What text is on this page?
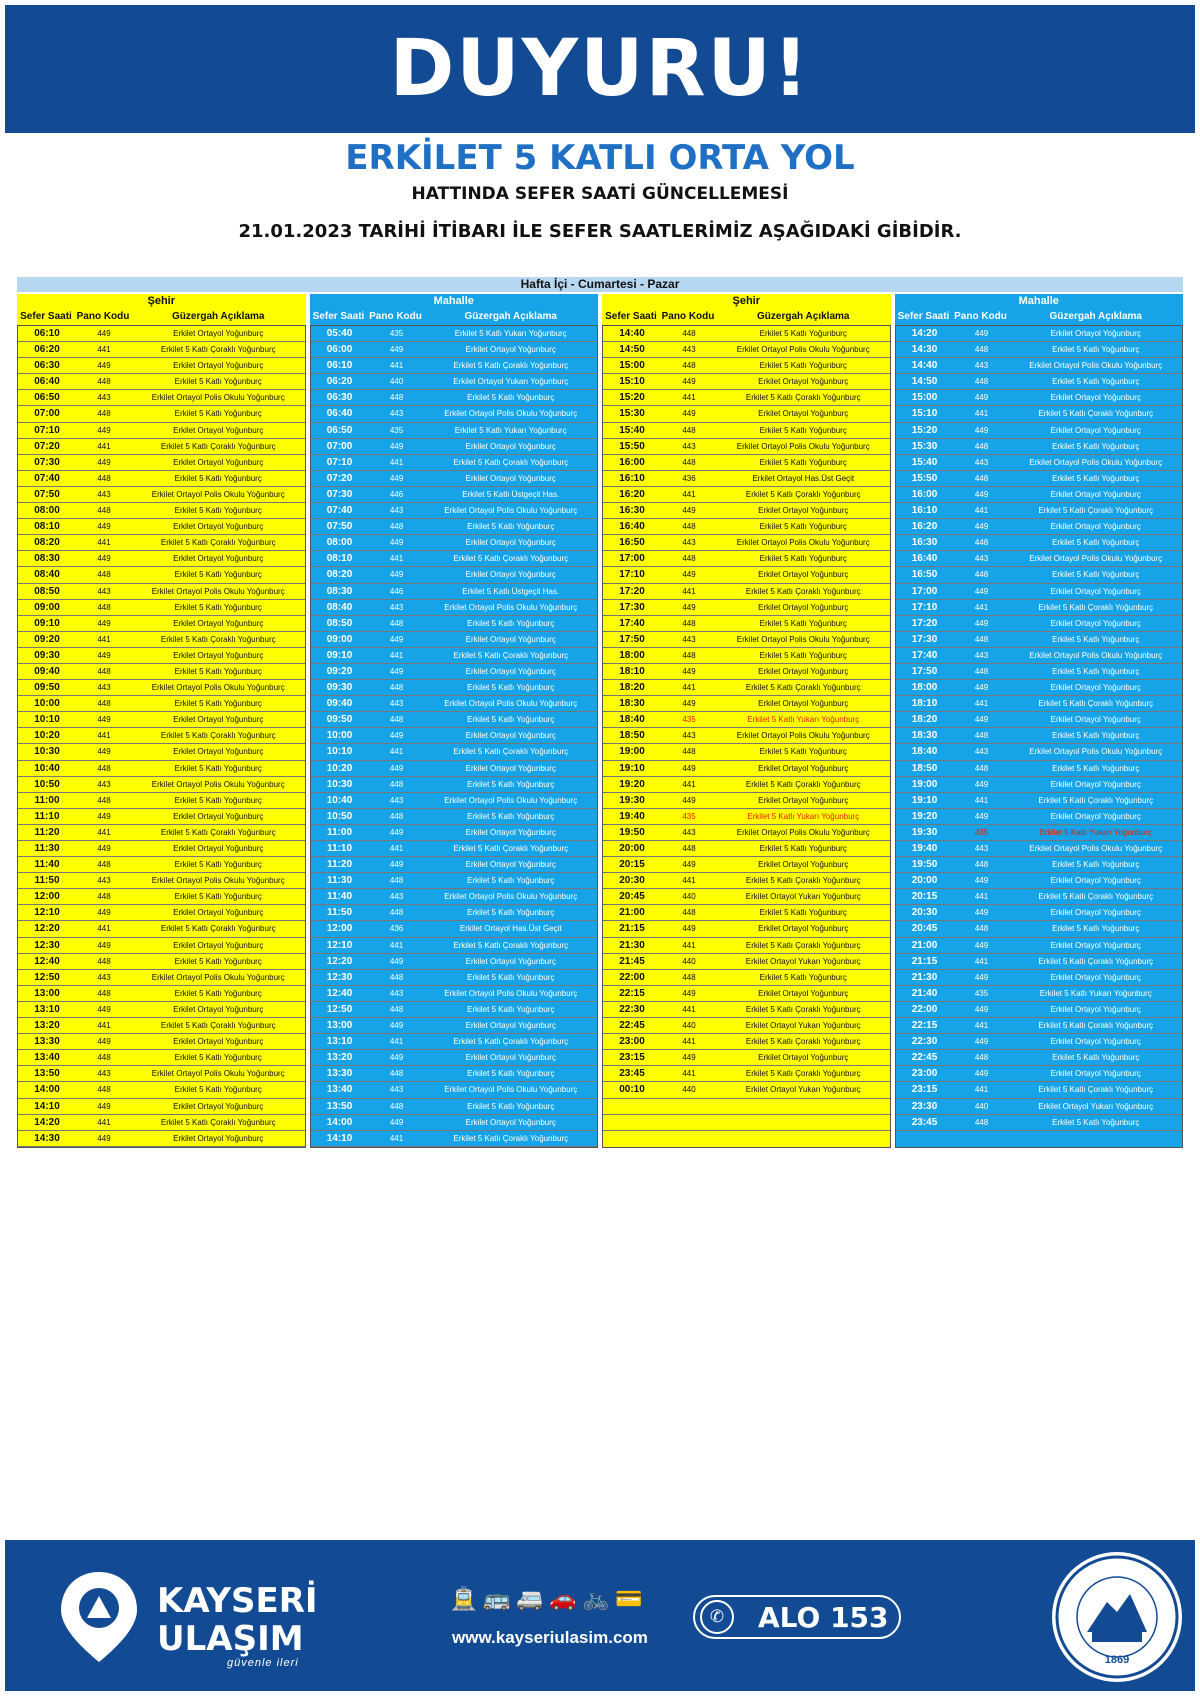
DUYURU!
ERKİLET 5 KATLI ORTA YOL
HATTINDA SEFER SAATİ GÜNCELLEMESİ
21.01.2023 TARİHİ İTİBARI İLE SEFER SAATLERİMİZ AŞAĞIDAKİ GİBİDİR.
Hafta İçi - Cumartesi - Pazar
Şehir
Sefer Saati Pano Kodu	Güzergah Açıklama
06:10	449	Erkilet Ortayol Yoğunburç
06:20	441	Erkilet 5 Katlı Çoraklı Yoğunburç
06:30	449	Erkilet Ortayol Yoğunburç
06:40	448	Erkilet 5 Katlı Yoğunburç
06:50	443	Erkilet Ortayol Polis Okulu Yoğunburç
07:00	448	Erkilet 5 Katlı Yoğunburç
07:10	449	Erkilet Ortayol Yoğunburç
07:20	441	Erkilet 5 Katlı Çoraklı Yoğunburç
07:30	449	Erkilet Ortayol Yoğunburç
07:40	448	Erkilet 5 Katlı Yoğunburç
07:50	443	Erkilet Ortayol Polis Okulu Yoğunburç
08:00	448	Erkilet 5 Katlı Yoğunburç
08:10	449	Erkilet Ortayol Yoğunburç
08:20	441	Erkilet 5 Katlı Çoraklı Yoğunburç
08:30	449	Erkilet Ortayol Yoğunburç
08:40	448	Erkilet 5 Katlı Yoğunburç
08:50	443	Erkilet Ortayol Polis Okulu Yoğunburç
09:00	448	Erkilet 5 Katlı Yoğunburç
09:10	449	Erkilet Ortayol Yoğunburç
09:20	441	Erkilet 5 Katlı Çoraklı Yoğunburç
09:30	449	Erkilet Ortayol Yoğunburç
09:40	448	Erkilet 5 Katlı Yoğunburç
09:50	443	Erkilet Ortayol Polis Okulu Yoğunburç
10:00	448	Erkilet 5 Katlı Yoğunburç
10:10	449	Erkilet Ortayol Yoğunburç
10:20	441	Erkilet 5 Katlı Çoraklı Yoğunburç
10:30	449	Erkilet Ortayol Yoğunburç
10:40	448	Erkilet 5 Katlı Yoğunburç
10:50	443	Erkilet Ortayol Polis Okulu Yoğunburç
11:00	448	Erkilet 5 Katlı Yoğunburç
11:10	449	Erkilet Ortayol Yoğunburç
11:20	441	Erkilet 5 Katlı Çoraklı Yoğunburç
11:30	449	Erkilet Ortayol Yoğunburç
11:40	448	Erkilet 5 Katlı Yoğunburç
11:50	443	Erkilet Ortayol Polis Okulu Yoğunburç
12:00	448	Erkilet 5 Katlı Yoğunburç
12:10	449	Erkilet Ortayol Yoğunburç
12:20	441	Erkilet 5 Katlı Çoraklı Yoğunburç
12:30	449	Erkilet Ortayol Yoğunburç
12:40	448	Erkilet 5 Katlı Yoğunburç
12:50	443	Erkilet Ortayol Polis Okulu Yoğunburç
13:00	448	Erkilet 5 Katlı Yoğunburç
13:10	449	Erkilet Ortayol Yoğunburç
13:20	441	Erkilet 5 Katlı Çoraklı Yoğunburç
13:30	449	Erkilet Ortayol Yoğunburç
13:40	448	Erkilet 5 Katlı Yoğunburç
13:50	443	Erkilet Ortayol Polis Okulu Yoğunburç
14:00	448	Erkilet 5 Katlı Yoğunburç
14:10	449	Erkilet Ortayol Yoğunburç
14:20	441	Erkilet 5 Katlı Çoraklı Yoğunburç
14:30	449	Erkilet Ortayol Yoğunburç
Mahalle
Sefer Saati Pano Kodu	Güzergah Açıklama
05:40	435	Erkilet 5 Katlı Yukarı Yoğunburç
06:00	449	Erkilet Ortayol Yoğunburç
06:10	441	Erkilet 5 Katlı Çoraklı Yoğunburç
06:20	440	Erkilet Ortayol Yukarı Yoğunburç
06:30	448	Erkilet 5 Katlı Yoğunburç
06:40	443	Erkilet Ortayol Polis Okulu Yoğunburç
06:50	435	Erkilet 5 Katlı Yukarı Yoğunburç
07:00	449	Erkilet Ortayol Yoğunburç
07:10	441	Erkilet 5 Katlı Çoraklı Yoğunburç
07:20	449	Erkilet Ortayol Yoğunburç
07:30	446	Erkilet 5 Katlı Üstgeçit Has.
07:40	443	Erkilet Ortayol Polis Okulu Yoğunburç
07:50	448	Erkilet 5 Katlı Yoğunburç
08:00	449	Erkilet Ortayol Yoğunburç
08:10	441	Erkilet 5 Katlı Çoraklı Yoğunburç
08:20	449	Erkilet Ortayol Yoğunburç
08:30	446	Erkilet 5 Katlı Üstgeçit Has.
08:40	443	Erkilet Ortayol Polis Okulu Yoğunburç
08:50	448	Erkilet 5 Katlı Yoğunburç
09:00	449	Erkilet Ortayol Yoğunburç
09:10	441	Erkilet 5 Katlı Çoraklı Yoğunburç
09:20	449	Erkilet Ortayol Yoğunburç
09:30	448	Erkilet 5 Katlı Yoğunburç
09:40	443	Erkilet Ortayol Polis Okulu Yoğunburç
09:50	448	Erkilet 5 Katlı Yoğunburç
10:00	449	Erkilet Ortayol Yoğunburç
10:10	441	Erkilet 5 Katlı Çoraklı Yoğunburç
10:20	449	Erkilet Ortayol Yoğunburç
10:30	448	Erkilet 5 Katlı Yoğunburç
10:40	443	Erkilet Ortayol Polis Okulu Yoğunburç
10:50	448	Erkilet 5 Katlı Yoğunburç
11:00	449	Erkilet Ortayol Yoğunburç
11:10	441	Erkilet 5 Katlı Çoraklı Yoğunburç
11:20	449	Erkilet Ortayol Yoğunburç
11:30	448	Erkilet 5 Katlı Yoğunburç
11:40	443	Erkilet Ortayol Polis Okulu Yoğunburç
11:50	448	Erkilet 5 Katlı Yoğunburç
12:00	436	Erkilet Ortayol Has.Üst Geçit
12:10	441	Erkilet 5 Katlı Çoraklı Yoğunburç
12:20	449	Erkilet Ortayol Yoğunburç
12:30	448	Erkilet 5 Katlı Yoğunburç
12:40	443	Erkilet Ortayol Polis Okulu Yoğunburç
12:50	448	Erkilet 5 Katlı Yoğunburç
13:00	449	Erkilet Ortayol Yoğunburç
13:10	441	Erkilet 5 Katlı Çoraklı Yoğunburç
13:20	449	Erkilet Ortayol Yoğunburç
13:30	448	Erkilet 5 Katlı Yoğunburç
13:40	443	Erkilet Ortayol Polis Okulu Yoğunburç
13:50	448	Erkilet 5 Katlı Yoğunburç
14:00	449	Erkilet Ortayol Yoğunburç
14:10	441	Erkilet 5 Katlı Çoraklı Yoğunburç
Şehir
Sefer Saati Pano Kodu	Güzergah Açıklama
14:40	448	Erkilet 5 Katlı Yoğunburç
14:50	443	Erkilet Ortayol Polis Okulu Yoğunburç
15:00	448	Erkilet 5 Katlı Yoğunburç
15:10	449	Erkilet Ortayol Yoğunburç
15:20	441	Erkilet 5 Katlı Çoraklı Yoğunburç
15:30	449	Erkilet Ortayol Yoğunburç
15:40	448	Erkilet 5 Katlı Yoğunburç
15:50	443	Erkilet Ortayol Polis Okulu Yoğunburç
16:00	448	Erkilet 5 Katlı Yoğunburç
16:10	436	Erkilet Ortayol Has.Üst Geçit
16:20	441	Erkilet 5 Katlı Çoraklı Yoğunburç
16:30	449	Erkilet Ortayol Yoğunburç
16:40	448	Erkilet 5 Katlı Yoğunburç
16:50	443	Erkilet Ortayol Polis Okulu Yoğunburç
17:00	448	Erkilet 5 Katlı Yoğunburç
17:10	449	Erkilet Ortayol Yoğunburç
17:20	441	Erkilet 5 Katlı Çoraklı Yoğunburç
17:30	449	Erkilet Ortayol Yoğunburç
17:40	448	Erkilet 5 Katlı Yoğunburç
17:50	443	Erkilet Ortayol Polis Okulu Yoğunburç
18:00	448	Erkilet 5 Katlı Yoğunburç
18:10	449	Erkilet Ortayol Yoğunburç
18:20	441	Erkilet 5 Katlı Çoraklı Yoğunburç
18:30	449	Erkilet Ortayol Yoğunburç
18:40	435	Erkilet 5 Katlı Yukarı Yoğunburç
18:50	443	Erkilet Ortayol Polis Okulu Yoğunburç
19:00	448	Erkilet 5 Katlı Yoğunburç
19:10	449	Erkilet Ortayol Yoğunburç
19:20	441	Erkilet 5 Katlı Çoraklı Yoğunburç
19:30	449	Erkilet Ortayol Yoğunburç
19:40	435	Erkilet 5 Katlı Yukarı Yoğunburç
19:50	443	Erkilet Ortayol Polis Okulu Yoğunburç
20:00	448	Erkilet 5 Katlı Yoğunburç
20:15	449	Erkilet Ortayol Yoğunburç
20:30	441	Erkilet 5 Katlı Çoraklı Yoğunburç
20:45	440	Erkilet Ortayol Yukarı Yoğunburç
21:00	448	Erkilet 5 Katlı Yoğunburç
21:15	449	Erkilet Ortayol Yoğunburç
21:30	441	Erkilet 5 Katlı Çoraklı Yoğunburç
21:45	440	Erkilet Ortayol Yukarı Yoğunburç
22:00	448	Erkilet 5 Katlı Yoğunburç
22:15	449	Erkilet Ortayol Yoğunburç
22:30	441	Erkilet 5 Katlı Çoraklı Yoğunburç
22:45	440	Erkilet Ortayol Yukarı Yoğunburç
23:00	441	Erkilet 5 Katlı Çoraklı Yoğunburç
23:15	449	Erkilet Ortayol Yoğunburç
23:45	441	Erkilet 5 Katlı Çoraklı Yoğunburç
00:10	440	Erkilet Ortayol Yukarı Yoğunburç
Mahalle
Sefer Saati Pano Kodu	Güzergah Açıklama
14:20	449	Erkilet Ortayol Yoğunburç
14:30	448	Erkilet 5 Katlı Yoğunburç
14:40	443	Erkilet Ortayol Polis Okulu Yoğunburç
14:50	448	Erkilet 5 Katlı Yoğunburç
15:00	449	Erkilet Ortayol Yoğunburç
15:10	441	Erkilet 5 Katlı Çoraklı Yoğunburç
15:20	449	Erkilet Ortayol Yoğunburç
15:30	448	Erkilet 5 Katlı Yoğunburç
15:40	443	Erkilet Ortayol Polis Okulu Yoğunburç
15:50	448	Erkilet 5 Katlı Yoğunburç
16:00	449	Erkilet Ortayol Yoğunburç
16:10	441	Erkilet 5 Katlı Çoraklı Yoğunburç
16:20	449	Erkilet Ortayol Yoğunburç
16:30	448	Erkilet 5 Katlı Yoğunburç
16:40	443	Erkilet Ortayol Polis Okulu Yoğunburç
16:50	448	Erkilet 5 Katlı Yoğunburç
17:00	449	Erkilet Ortayol Yoğunburç
17:10	441	Erkilet 5 Katlı Çoraklı Yoğunburç
17:20	449	Erkilet Ortayol Yoğunburç
17:30	448	Erkilet 5 Katlı Yoğunburç
17:40	443	Erkilet Ortayol Polis Okulu Yoğunburç
17:50	448	Erkilet 5 Katlı Yoğunburç
18:00	449	Erkilet Ortayol Yoğunburç
18:10	441	Erkilet 5 Katlı Çoraklı Yoğunburç
18:20	449	Erkilet Ortayol Yoğunburç
18:30	448	Erkilet 5 Katlı Yoğunburç
18:40	443	Erkilet Ortayol Polis Okulu Yoğunburç
18:50	448	Erkilet 5 Katlı Yoğunburç
19:00	449	Erkilet Ortayol Yoğunburç
19:10	441	Erkilet 5 Katlı Çoraklı Yoğunburç
19:20	449	Erkilet Ortayol Yoğunburç
19:30	435	Erkilet 5 Katlı Yukarı Yoğunburç
19:40	443	Erkilet Ortayol Polis Okulu Yoğunburç
19:50	448	Erkilet 5 Katlı Yoğunburç
20:00	449	Erkilet Ortayol Yoğunburç
20:15	441	Erkilet 5 Katlı Çoraklı Yoğunburç
20:30	449	Erkilet Ortayol Yoğunburç
20:45	448	Erkilet 5 Katlı Yoğunburç
21:00	449	Erkilet Ortayol Yoğunburç
21:15	441	Erkilet 5 Katlı Çoraklı Yoğunburç
21:30	449	Erkilet Ortayol Yoğunburç
21:40	435	Erkilet 5 Katlı Yukarı Yoğunburç
22:00	449	Erkilet Ortayol Yoğunburç
22:15	441	Erkilet 5 Katlı Çoraklı Yoğunburç
22:30	449	Erkilet Ortayol Yoğunburç
22:45	448	Erkilet 5 Katlı Yoğunburç
23:00	449	Erkilet Ortayol Yoğunburç
23:15	441	Erkilet 5 Katlı Çoraklı Yoğunburç
23:30	440	Erkilet Ortayol Yukarı Yoğunburç
23:45	448	Erkilet 5 Katlı Yoğunburç
KAYSERİ
ULAŞIM
güvenle ileri
🚊 🚌 🚐 🚗 🚲 💳
www.kayseriulasim.com
✆	ALO 153
1869
